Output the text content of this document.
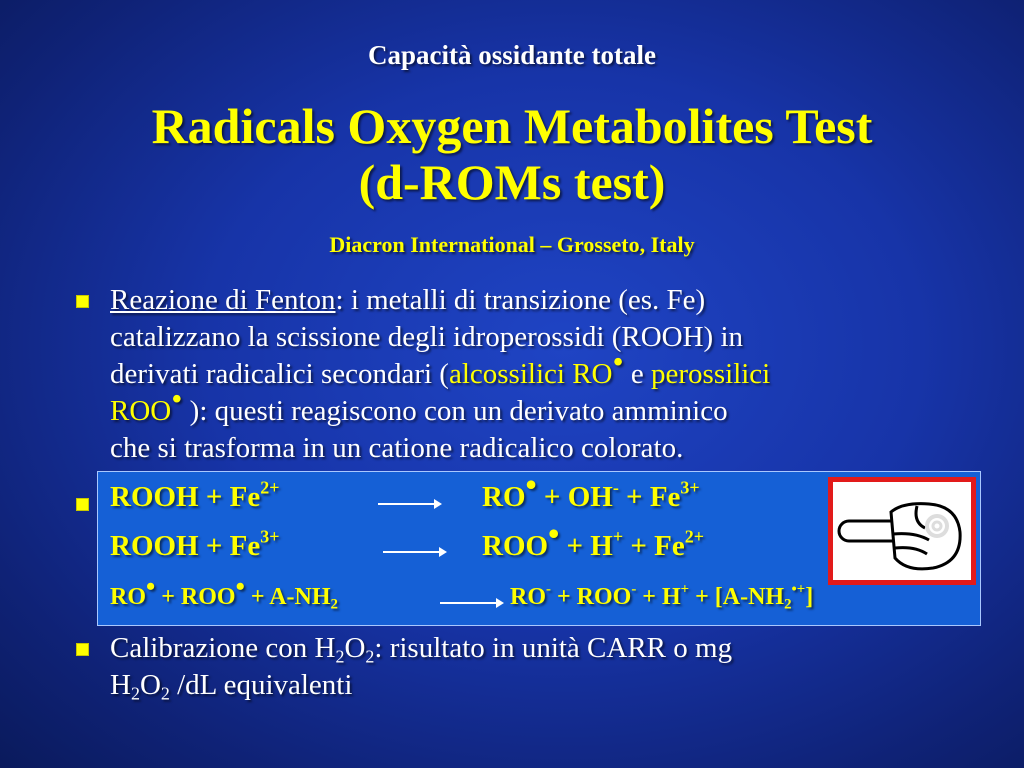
Capacità ossidante totale
Radicals Oxygen Metabolites Test
(d-ROMs test)
Diacron International – Grosseto, Italy
Reazione di Fenton: i metalli di transizione (es. Fe)
catalizzano la scissione degli idroperossidi (ROOH) in
derivati radicalici secondari (alcossilici RO• e perossilici
ROO• ): questi reagiscono con un derivato amminico
che si trasforma in un catione radicalico colorato.
ROOH + $Fe^{2+}$	RO• + $OH^- + Fe^{3+}$
ROOH + $Fe^{3+}$	ROO• + $H^+ + Fe^{2+}$
RO• + ROO• + $A-NH_2$	$RO^- + ROO^- + H^+ + [A-NH_2^{•+}]$
Calibrazione con $H_2O_2$: risultato in unità CARR o mg
$H_2O_2$ /dL equivalenti
